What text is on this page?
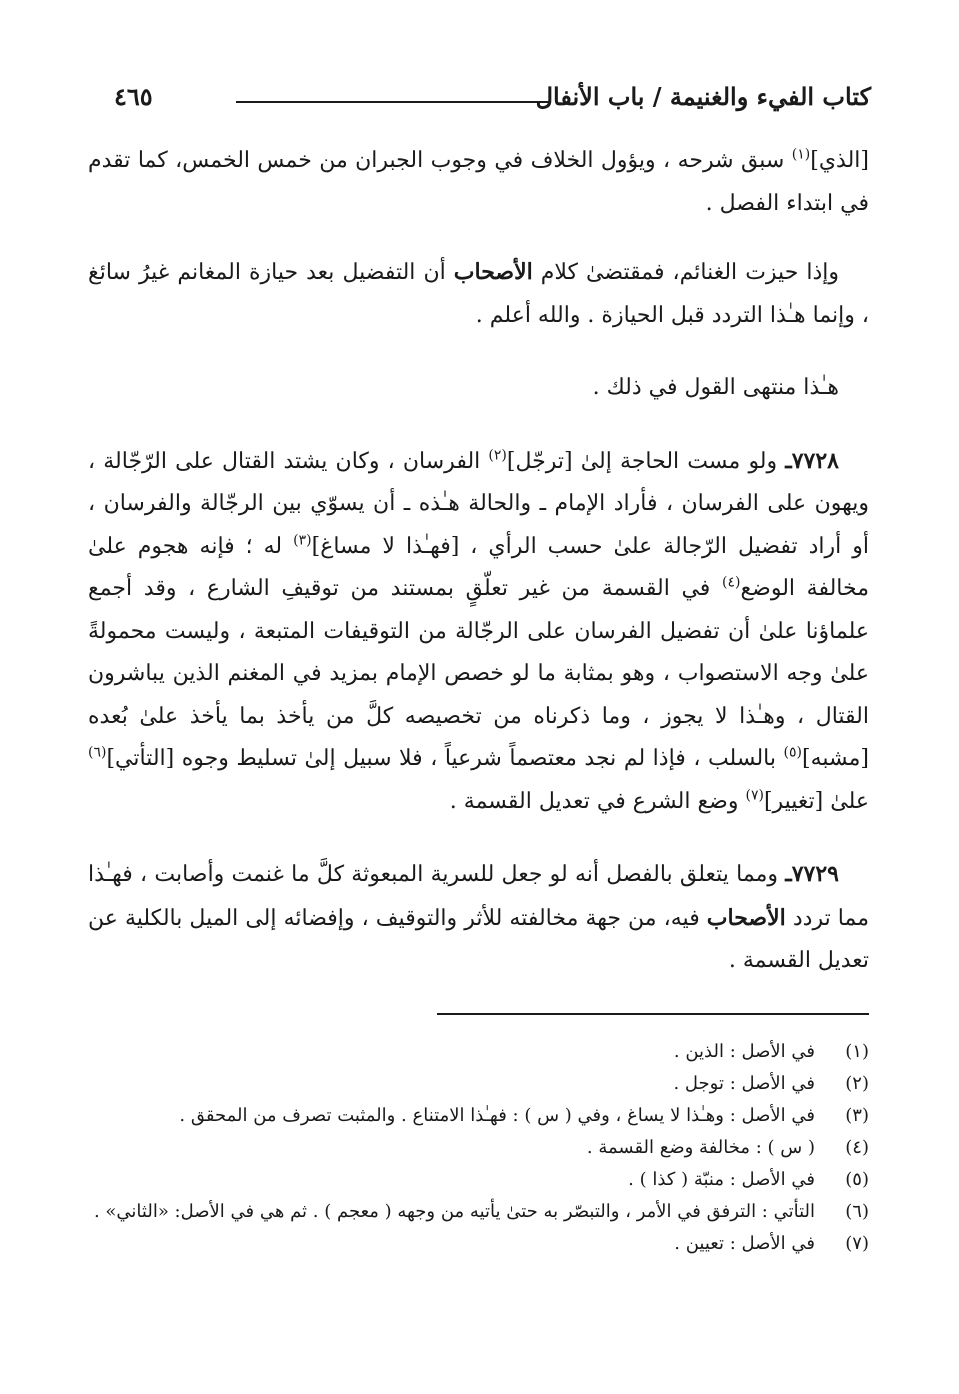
كتاب الفيء والغنيمة / باب الأنفال
٤٦٥

[الذي]$^{(١)}$ سبق شرحه ، ويؤول الخلاف في وجوب الجبران من خمس الخمس، كما تقدم في ابتداء الفصل .

وإذا حيزت الغنائم، فمقتضىٰ كلام الأصحاب أن التفضيل بعد حيازة المغانم غيرُ سائغ ، وإنما هـٰذا التردد قبل الحيازة . والله أعلم .

هـٰذا منتهى القول في ذلك .

٧٧٢٨ـ ولو مست الحاجة إلىٰ [ترجّل]$^{(٢)}$ الفرسان ، وكان يشتد القتال على الرّجّالة ، ويهون على الفرسان ، فأراد الإمام ـ والحالة هـٰذه ـ أن يسوّي بين الرجّالة والفرسان ، أو أراد تفضيل الرّجالة علىٰ حسب الرأي ، [فهـٰذا لا مساغ]$^{(٣)}$ له ؛ فإنه هجوم علىٰ مخالفة الوضع$^{(٤)}$ في القسمة من غير تعلّقٍ بمستند من توقيفِ الشارع ، وقد أجمع علماؤنا علىٰ أن تفضيل الفرسان على الرجّالة من التوقيفات المتبعة ، وليست محمولةً علىٰ وجه الاستصواب ، وهو بمثابة ما لو خصص الإمام بمزيد في المغنم الذين يباشرون القتال ، وهـٰذا لا يجوز ، وما ذكرناه من تخصيصه كلَّ من يأخذ بما يأخذ علىٰ بُعده [مشبه]$^{(٥)}$ بالسلب ، فإذا لم نجد معتصماً شرعياً ، فلا سبيل إلىٰ تسليط وجوه [التأتي]$^{(٦)}$ علىٰ [تغيير]$^{(٧)}$ وضع الشرع في تعديل القسمة .

٧٧٢٩ـ ومما يتعلق بالفصل أنه لو جعل للسرية المبعوثة كلَّ ما غنمت وأصابت ، فهـٰذا مما تردد الأصحاب فيه، من جهة مخالفته للأثر والتوقيف ، وإفضائه إلى الميل بالكلية عن تعديل القسمة .

(١)
في الأصل : الذين .
(٢)
في الأصل : توجل .
(٣)
في الأصل : وهـٰذا لا يساغ ، وفي ( س ) : فهـٰذا الامتناع . والمثبت تصرف من المحقق .
(٤)
( س ) : مخالفة وضع القسمة .
(٥)
في الأصل : منبّة ( كذا ) .
(٦)
التأتي : الترفق في الأمر ، والتبصّر به حتىٰ يأتيه من وجهه ( معجم ) . ثم هي في الأصل: «الثاني» .
(٧)
في الأصل : تعيين .
